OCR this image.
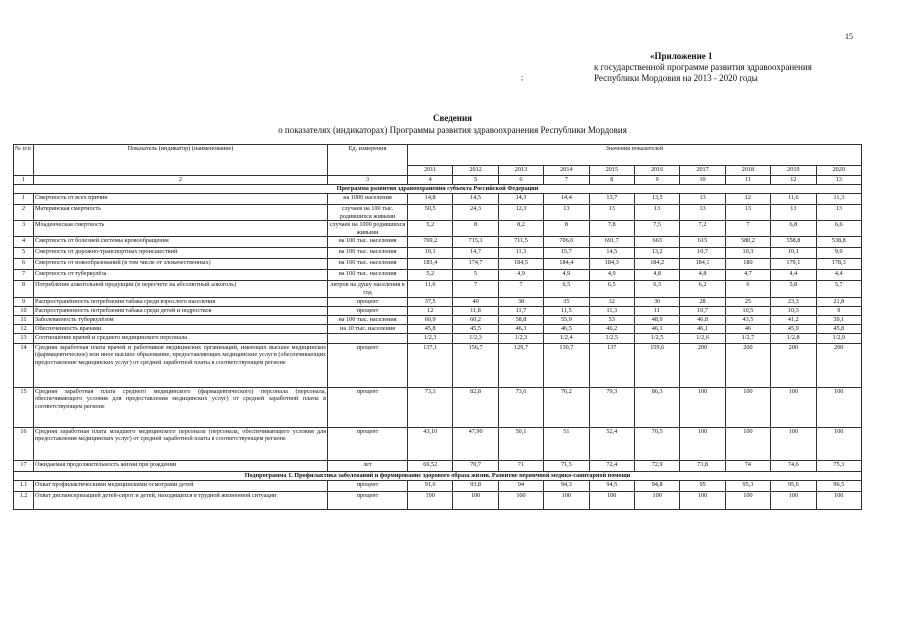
15
;
«Приложение 1
к государственной программе развития здравоохранения
Республики Мордовия на 2013 - 2020 годы
Сведения
о показателях (индикаторах) Программы развития здравоохранения Республики Мордовия
№ п/п	Показатель (индикатор) (наименование)	Ед. измерения	Значения показателей									
			2011	2012	2013	2014	2015	2016	2017	2018	2019	2020
1	2	3	4	5	6	7	8	9	10	11	12	13
Программа развития здравоохранения субъекта Российской Федерации												
1	Смертность от всех причин	на 1000 населения	14,8	14,5	14,3	14,4	13,7	13,5	13	12	11,6	11,3
2	Материнская смертность	случаев на 100 тыс. родившихся живыми	50,5	24,3	12,3	13	13	13	13	13	13	13
3	Младенческая смертность	случаев на 1000 родившихся живыми	5,2	8	8,2	8	7,8	7,5	7,2	7	6,8	6,6
4	Смертность от болезней системы кровообращения	на 100 тыс. населения	769,2	715,1	711,5	706,6	691,7	663	615	580,2	558,8	538,8
5	Смертность от дорожно-транспортных происшествий	на 100 тыс. населения	10,1	14,7	11,3	15,7	14,5	13,2	10,7	10,3	10,1	9,9
6	Смертность от новообразований (в том числе от злокачественных)	на 100 тыс. населения	183,4	174,7	184,5	184,4	184,3	184,2	184,1	180	179,1	178,3
7	Смертность от туберкулёза	на 100 тыс. населения	5,2	5	4,9	4,9	4,9	4,8	4,8	4,7	4,4	4,4
8	Потребление алкогольной продукции (в пересчете на абсолютный алкоголь)	литров на душу населения в год	11,6	7	7	6,5	6,5	6,3	6,2	6	5,8	5,7
9	Распространённость потребления табака среди взрослого населения	процент	37,5	40	38	35	32	30	28	25	23,3	21,8
10	Распространенность потребления табака среди детей и подростков	процент	12	11,8	11,7	11,5	11,3	11	10,7	10,5	10,3	9
11	Заболеваемость туберкулёзом	на 100 тыс. населения	60,9	60,2	58,8	55,9	53	48,9	46,8	43,5	41,2	39,1
12	Обеспеченность врачами	на 10 тыс. населения	45,8	45,5	46,3	46,5	46,2	46,1	46,1	46	45,9	45,8
13	Соотношение врачей и среднего медицинского персонала		1/2,3	1/2,3	1/2,3	1/2,4	1/2,5	1/2,5	1/2,6	1/2,7	1/2,8	1/2,9
14	Средняя заработная плата врачей и работников медицинских организаций, имеющих высшее медицинское (фармацевтическое) или иное высшее образование, предоставляющих медицинские услуги (обеспечивающих предоставление медицинских услуг) от средней заработной платы в соответствующем регионе	процент	137,1	156,7	129,7	130,7	137	159,6	200	200	200	200
15	Средняя заработная плата среднего медицинского (фармацевтического) персонала (персонала, обеспечивающего условия для предоставления медицинских услуг) от средней заработной платы в соответствующем регионе	процент	73,3	82,8	73,6	76,2	79,3	86,3	100	100	100	100
16	Средняя заработная плата младшего медицинского персонала (персонала, обеспечивающего условия для предоставления медицинских услуг) от средней заработной платы в соответствующем регионе	процент	43,10	47,90	50,1	51	52,4	70,5	100	100	100	100
17	Ожидаемая продолжительность жизни при рождении	лет	69,52	70,7	71	71,5	72,4	72,9	73,8	74	74,6	75,3
Подпрограмма 1. Профилактика заболеваний и формирование здорового образа жизни. Развитие первичной медико-санитарной помощи												
1.1	Охват профилактическими медицинскими осмотрами детей	процент	91,6	93,8	94	94,3	94,5	94,8	95	95,3	95,6	96,5
1.2	Охват диспансеризацией детей-сирот и детей, находящихся в трудной жизненной ситуации	процент	100	100	100	100	100	100	100	100	100	100
